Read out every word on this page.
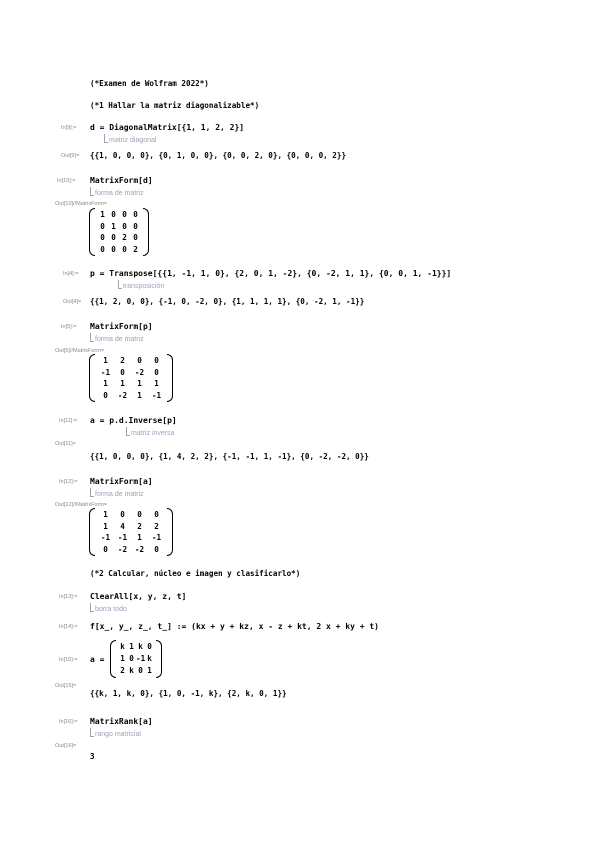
(*Examen de Wolfram 2022*)
(*1 Hallar la matriz diagonalizable*)
In[9]:= d = DiagonalMatrix[{1, 1, 2, 2}]
matriz diagonal
Out[9]= {{1, 0, 0, 0}, {0, 1, 0, 0}, {0, 0, 2, 0}, {0, 0, 0, 2}}
In[10]:= MatrixForm[d]
forma de matriz
Out[10]//MatrixForm=
1 0 0 0
0 1 0 0
0 0 2 0
0 0 0 2
In[4]:= p = Transpose[{{1, -1, 1, 0}, {2, 0, 1, -2}, {0, -2, 1, 1}, {0, 0, 1, -1}}]
transposición
Out[4]= {{1, 2, 0, 0}, {-1, 0, -2, 0}, {1, 1, 1, 1}, {0, -2, 1, -1}}
In[5]:= MatrixForm[p]
forma de matriz
Out[5]//MatrixForm=
1	2	0	0
-1	0	-2	0
1	1	1	1
0	-2	1	-1
In[11]:= a = p.d.Inverse[p]
matriz inversa
Out[11]=
{{1, 0, 0, 0}, {1, 4, 2, 2}, {-1, -1, 1, -1}, {0, -2, -2, 0}}
In[12]:= MatrixForm[a]
forma de matriz
Out[12]//MatrixForm=
1	0	0	0
1	4	2	2
-1	-1	1	-1
0	-2	-2	0
(*2 Calcular, núcleo e imagen y clasificarlo*)
In[13]:= ClearAll[x, y, z, t]
borra todo
In[14]:= f[x_, y_, z_, t_] := (kx + y + kz, x - z + kt, 2 x + ky + t)
In[15]:= a =
k 1 k 0
1 0 -1 k
2 k 0 1
Out[15]=
{{k, 1, k, 0}, {1, 0, -1, k}, {2, k, 0, 1}}
In[16]:= MatrixRank[a]
rango matricial
Out[16]=
3
